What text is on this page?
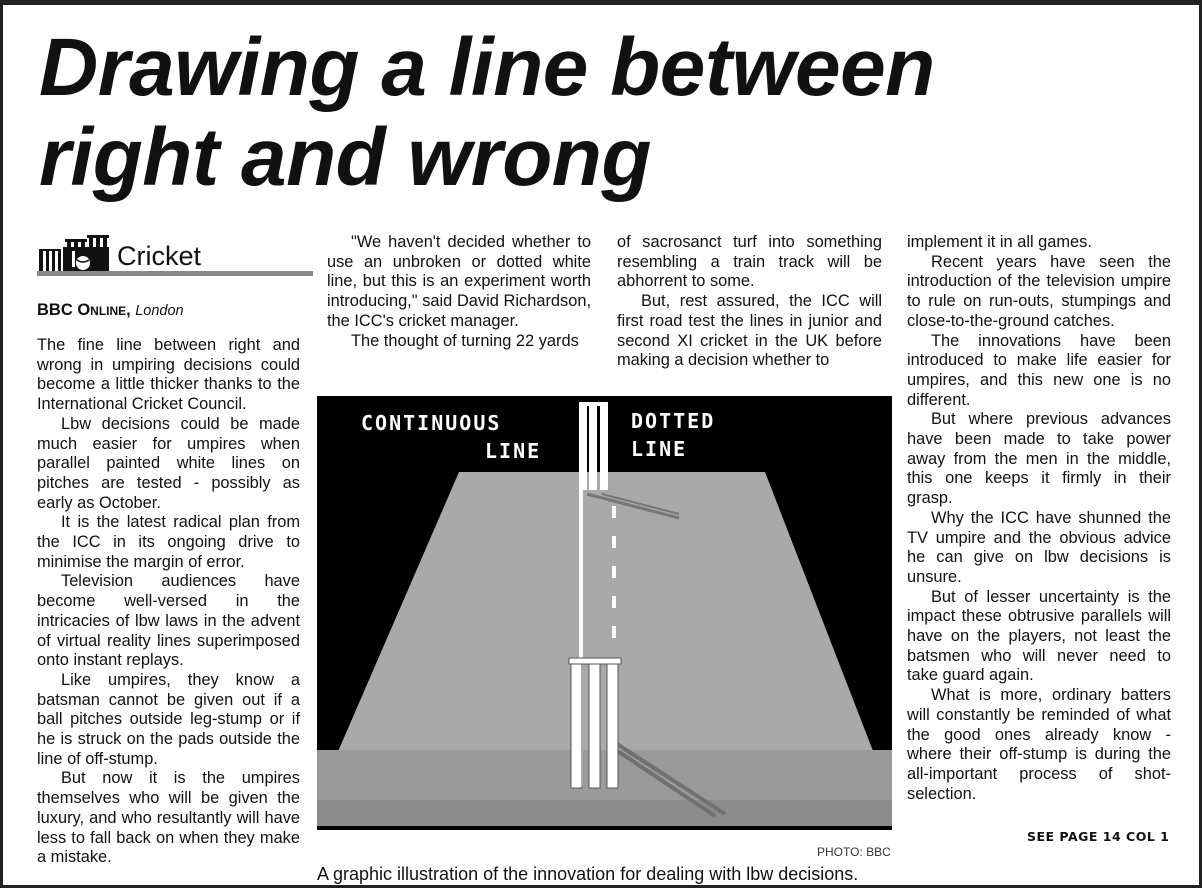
Drawing a line between
right and wrong
Cricket
BBC Online, London

The fine line between right and wrong in umpiring decisions could become a little thicker thanks to the International Cricket Council.

Lbw decisions could be made much easier for umpires when parallel painted white lines on pitches are tested - possibly as early as October.

It is the latest radical plan from the ICC in its ongoing drive to minimise the margin of error.

Television audiences have become well-versed in the intricacies of lbw laws in the advent of virtual reality lines superimposed onto instant replays.

Like umpires, they know a batsman cannot be given out if a ball pitches outside leg-stump or if he is struck on the pads outside the line of off-stump.

But now it is the umpires themselves who will be given the luxury, and who resultantly will have less to fall back on when they make a mistake.

"We haven't decided whether to use an unbroken or dotted white line, but this is an experiment worth introducing," said David Richardson, the ICC's cricket manager.

The thought of turning 22 yards

of sacrosanct turf into something resembling a train track will be abhorrent to some.

But, rest assured, the ICC will first road test the lines in junior and second XI cricket in the UK before making a decision whether to

implement it in all games.

Recent years have seen the introduction of the television umpire to rule on run-outs, stumpings and close-to-the-ground catches.

The innovations have been introduced to make life easier for umpires, and this new one is no different.

But where previous advances have been made to take power away from the men in the middle, this one keeps it firmly in their grasp.

Why the ICC have shunned the TV umpire and the obvious advice he can give on lbw decisions is unsure.

But of lesser uncertainty is the impact these obtrusive parallels will have on the players, not least the batsmen who will never need to take guard again.

What is more, ordinary batters will constantly be reminded of what the good ones already know - where their off-stump is during the all-important process of shot-selection.

CONTINUOUS
LINE
DOTTED
LINE
PHOTO: BBC
A graphic illustration of the innovation for dealing with lbw decisions.
SEE PAGE 14 COL 1
